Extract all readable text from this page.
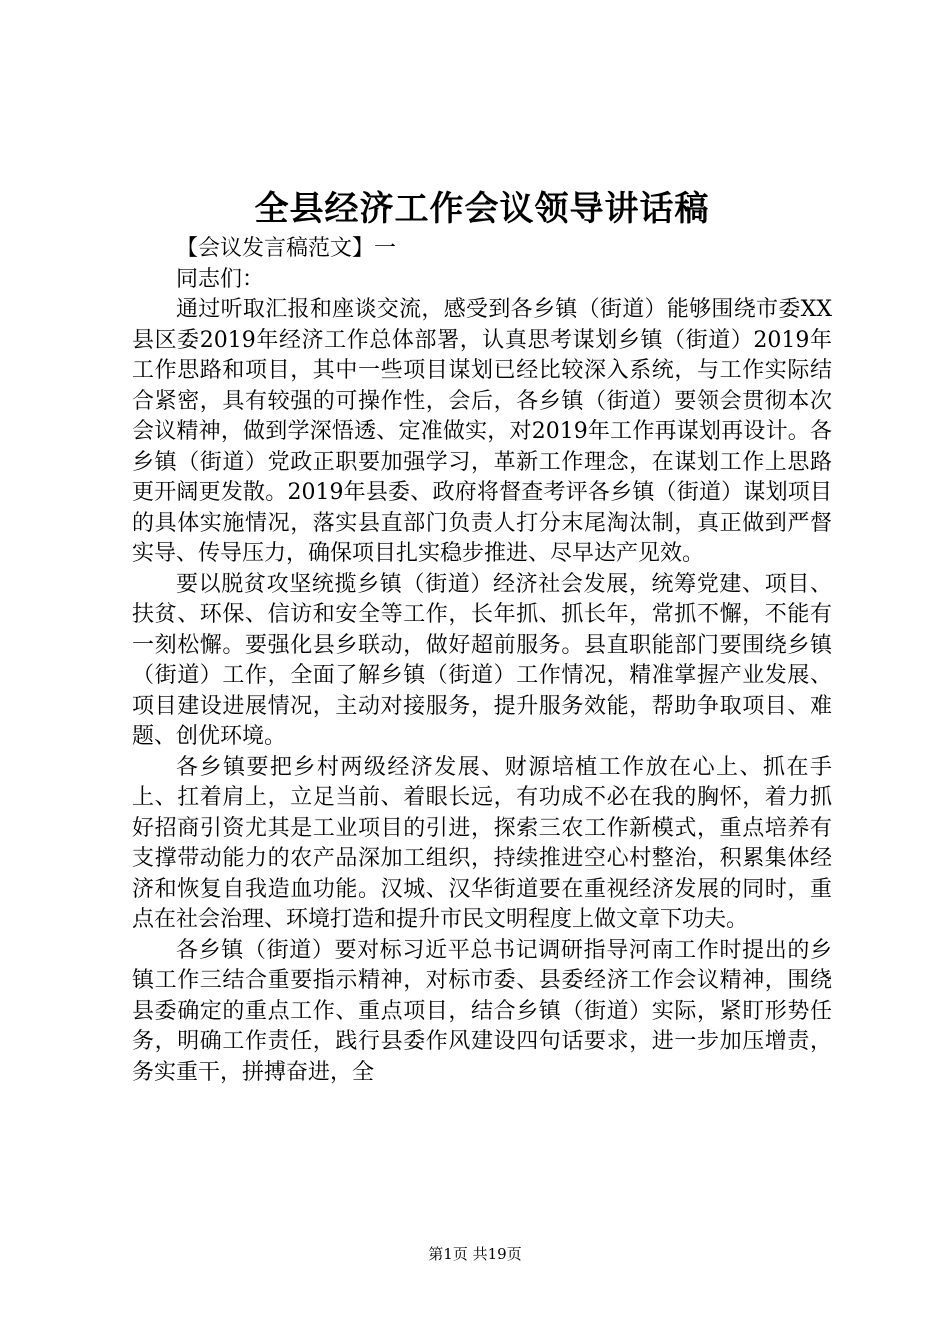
全县经济工作会议领导讲话稿
【会议发言稿范文】一
同志们：

通过听取汇报和座谈交流，感受到各乡镇（街道）能够围绕市委XX县区委2019年经济工作总体部署，认真思考谋划乡镇（街道）2019年工作思路和项目，其中一些项目谋划已经比较深入系统，与工作实际结合紧密，具有较强的可操作性，会后，各乡镇（街道）要领会贯彻本次会议精神，做到学深悟透、定准做实，对2019年工作再谋划再设计。各乡镇（街道）党政正职要加强学习，革新工作理念，在谋划工作上思路更开阔更发散。2019年县委、政府将督查考评各乡镇（街道）谋划项目的具体实施情况，落实县直部门负责人打分末尾淘汰制，真正做到严督实导、传导压力，确保项目扎实稳步推进、尽早达产见效。

要以脱贫攻坚统揽乡镇（街道）经济社会发展，统筹党建、项目、扶贫、环保、信访和安全等工作，长年抓、抓长年，常抓不懈，不能有一刻松懈。要强化县乡联动，做好超前服务。县直职能部门要围绕乡镇（街道）工作，全面了解乡镇（街道）工作情况，精准掌握产业发展、项目建设进展情况，主动对接服务，提升服务效能，帮助争取项目、难题、创优环境。

各乡镇要把乡村两级经济发展、财源培植工作放在心上、抓在手上、扛着肩上，立足当前、着眼长远，有功成不必在我的胸怀，着力抓好招商引资尤其是工业项目的引进，探索三农工作新模式，重点培养有支撑带动能力的农产品深加工组织，持续推进空心村整治，积累集体经济和恢复自我造血功能。汉城、汉华街道要在重视经济发展的同时，重点在社会治理、环境打造和提升市民文明程度上做文章下功夫。

各乡镇（街道）要对标习近平总书记调研指导河南工作时提出的乡镇工作三结合重要指示精神，对标市委、县委经济工作会议精神，围绕县委确定的重点工作、重点项目，结合乡镇（街道）实际，紧盯形势任务，明确工作责任，践行县委作风建设四句话要求，进一步加压增责，务实重干，拼搏奋进，全

第1页 共19页
